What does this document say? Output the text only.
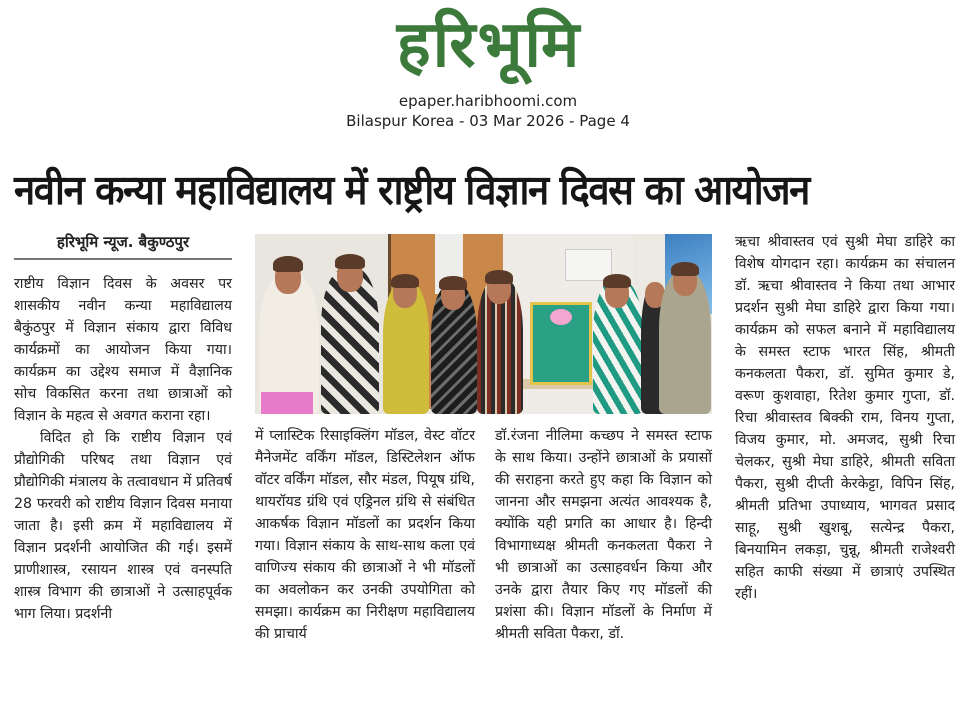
हरिभूमि
epaper.haribhoomi.com
Bilaspur Korea - 03 Mar 2026 - Page 4
नवीन कन्या महाविद्यालय में राष्ट्रीय विज्ञान दिवस का आयोजन
हरिभूमि न्यूज. बैकुण्ठपुर

राष्टीय विज्ञान दिवस के अवसर पर शासकीय नवीन कन्या महाविद्यालय बैकुंठपुर में विज्ञान संकाय द्वारा विविध कार्यक्रमों का आयोजन किया गया। कार्यक्रम का उद्देश्य समाज में वैज्ञानिक सोच विकसित करना तथा छात्राओं को विज्ञान के महत्व से अवगत कराना रहा।

विदित हो कि राष्टीय विज्ञान एवं प्रौद्योगिकी परिषद तथा विज्ञान एवं प्रौद्योगिकी मंत्रालय के तत्वावधान में प्रतिवर्ष 28 फरवरी को राष्टीय विज्ञान दिवस मनाया जाता है। इसी क्रम में महाविद्यालय में विज्ञान प्रदर्शनी आयोजित की गई। इसमें प्राणीशास्त्र, रसायन शास्त्र एवं वनस्पति शास्त्र विभाग की छात्राओं ने उत्साहपूर्वक भाग लिया। प्रदर्शनी

में प्लास्टिक रिसाइक्लिंग मॉडल, वेस्ट वॉटर मैनेजमेंट वर्किंग मॉडल, डिस्टिलेशन ऑफ वॉटर वर्किंग मॉडल, सौर मंडल, पियूष ग्रंथि, थायरॉयड ग्रंथि एवं एड्रिनल ग्रंथि से संबंधित आकर्षक विज्ञान मॉडलों का प्रदर्शन किया गया। विज्ञान संकाय के साथ-साथ कला एवं वाणिज्य संकाय की छात्राओं ने भी मॉडलों का अवलोकन कर उनकी उपयोगिता को समझा। कार्यक्रम का निरीक्षण महाविद्यालय की प्राचार्य

डॉ.रंजना नीलिमा कच्छप ने समस्त स्टाफ के साथ किया। उन्होंने छात्राओं के प्रयासों की सराहना करते हुए कहा कि विज्ञान को जानना और समझना अत्यंत आवश्यक है, क्योंकि यही प्रगति का आधार है। हिन्दी विभागाध्यक्ष श्रीमती कनकलता पैकरा ने भी छात्राओं का उत्साहवर्धन किया और उनके द्वारा तैयार किए गए मॉडलों की प्रशंसा की। विज्ञान मॉडलों के निर्माण में श्रीमती सविता पैकरा, डॉ.

ऋचा श्रीवास्तव एवं सुश्री मेघा डाहिरे का विशेष योगदान रहा। कार्यक्रम का संचालन डॉ. ऋचा श्रीवास्तव ने किया तथा आभार प्रदर्शन सुश्री मेघा डाहिरे द्वारा किया गया। कार्यक्रम को सफल बनाने में महाविद्यालय के समस्त स्टाफ भारत सिंह, श्रीमती कनकलता पैकरा, डॉ. सुमित कुमार डे, वरूण कुशवाहा, रितेश कुमार गुप्ता, डॉ. रिचा श्रीवास्तव बिक्की राम, विनय गुप्ता, विजय कुमार, मो. अमजद, सुश्री रिचा चेलकर, सुश्री मेघा डाहिरे, श्रीमती सविता पैकरा, सुश्री दीप्ती केरकेट्टा, विपिन सिंह, श्रीमती प्रतिभा उपाध्याय, भागवत प्रसाद साहू, सुश्री खुशबू, सत्येन्द्र पैकरा, बिनयामिन लकड़ा, चुन्नू, श्रीमती राजेश्वरी सहित काफी संख्या में छात्राएं उपस्थित रहीं।
